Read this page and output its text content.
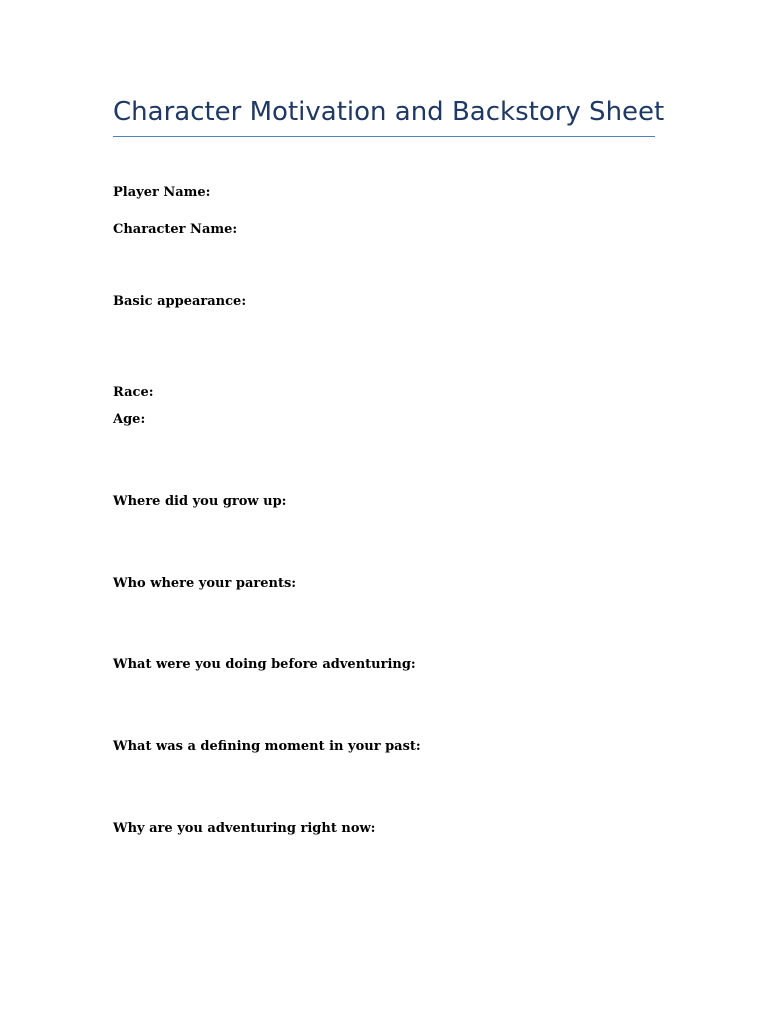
Character Motivation and Backstory Sheet

Player Name:

Character Name:

Basic appearance:

Race:

Age:

Where did you grow up:

Who where your parents:

What were you doing before adventuring:

What was a defining moment in your past:

Why are you adventuring right now:
